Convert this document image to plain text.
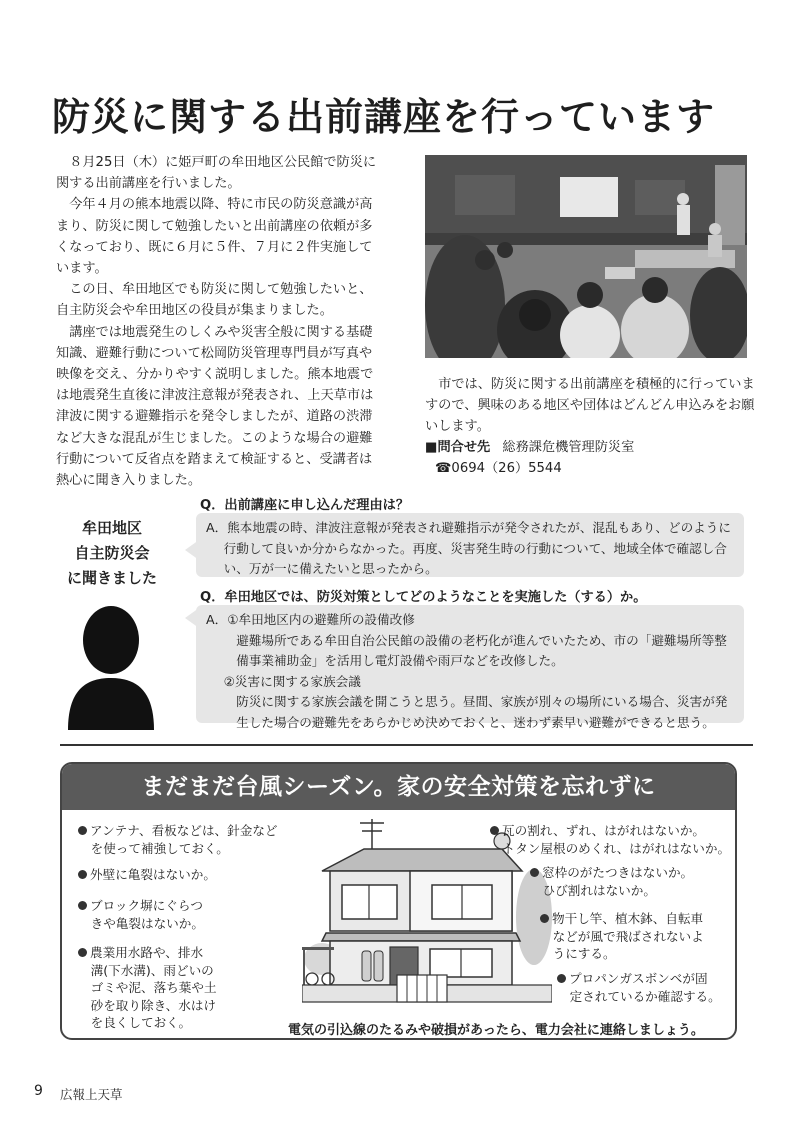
防災に関する出前講座を行っています

８月25日（木）に姫戸町の牟田地区公民館で防災に関する出前講座を行いました。

今年４月の熊本地震以降、特に市民の防災意識が高まり、防災に関して勉強したいと出前講座の依頼が多くなっており、既に６月に５件、７月に２件実施しています。

この日、牟田地区でも防災に関して勉強したいと、自主防災会や牟田地区の役員が集まりました。

講座では地震発生のしくみや災害全般に関する基礎知識、避難行動について松岡防災管理専門員が写真や映像を交え、分かりやすく説明しました。熊本地震では地震発生直後に津波注意報が発表され、上天草市は津波に関する避難指示を発令しましたが、道路の渋滞など大きな混乱が生じました。このような場合の避難行動について反省点を踏まえて検証すると、受講者は熱心に聞き入りました。

市では、防災に関する出前講座を積極的に行っていますので、興味のある地区や団体はどんどん申込みをお願いします。

■問合せ先 総務課危機管理防災室

☎0694（26）5544

牟田地区
自主防災会
に聞きました
Q．出前講座に申し込んだ理由は？

A．熊本地震の時、津波注意報が発表され避難指示が発令されたが、混乱もあり、どのように行動して良いか分からなかった。再度、災害発生時の行動について、地域全体で確認し合い、万が一に備えたいと思ったから。

Q．牟田地区では、防災対策としてどのようなことを実施した（する）か。

A．①牟田地区内の避難所の設備改修

避難場所である牟田自治公民館の設備の老朽化が進んでいたため、市の「避難場所等整備事業補助金」を活用し電灯設備や雨戸などを改修した。

②災害に関する家族会議

防災に関する家族会議を開こうと思う。昼間、家族が別々の場所にいる場合、災害が発生した場合の避難先をあらかじめ決めておくと、迷わず素早い避難ができると思う。

まだまだ台風シーズン。家の安全対策を忘れずに

アンテナ、看板などは、針金など

を使って補強しておく。

外壁に亀裂はないか。

ブロック塀にぐらつ

きや亀裂はないか。

農業用水路や、排水

溝(下水溝)、雨どいの

ゴミや泥、落ち葉や土

砂を取り除き、水はけ

を良くしておく。

瓦の割れ、ずれ、はがれはないか。

トタン屋根のめくれ、はがれはないか。

窓枠のがたつきはないか。

ひび割れはないか。

物干し竿、植木鉢、自転車

などが風で飛ばされないよ

うにする。

プロパンガスボンベが固

定されているか確認する。

電気の引込線のたるみや破損があったら、電力会社に連絡しましょう。
9 広報上天草
